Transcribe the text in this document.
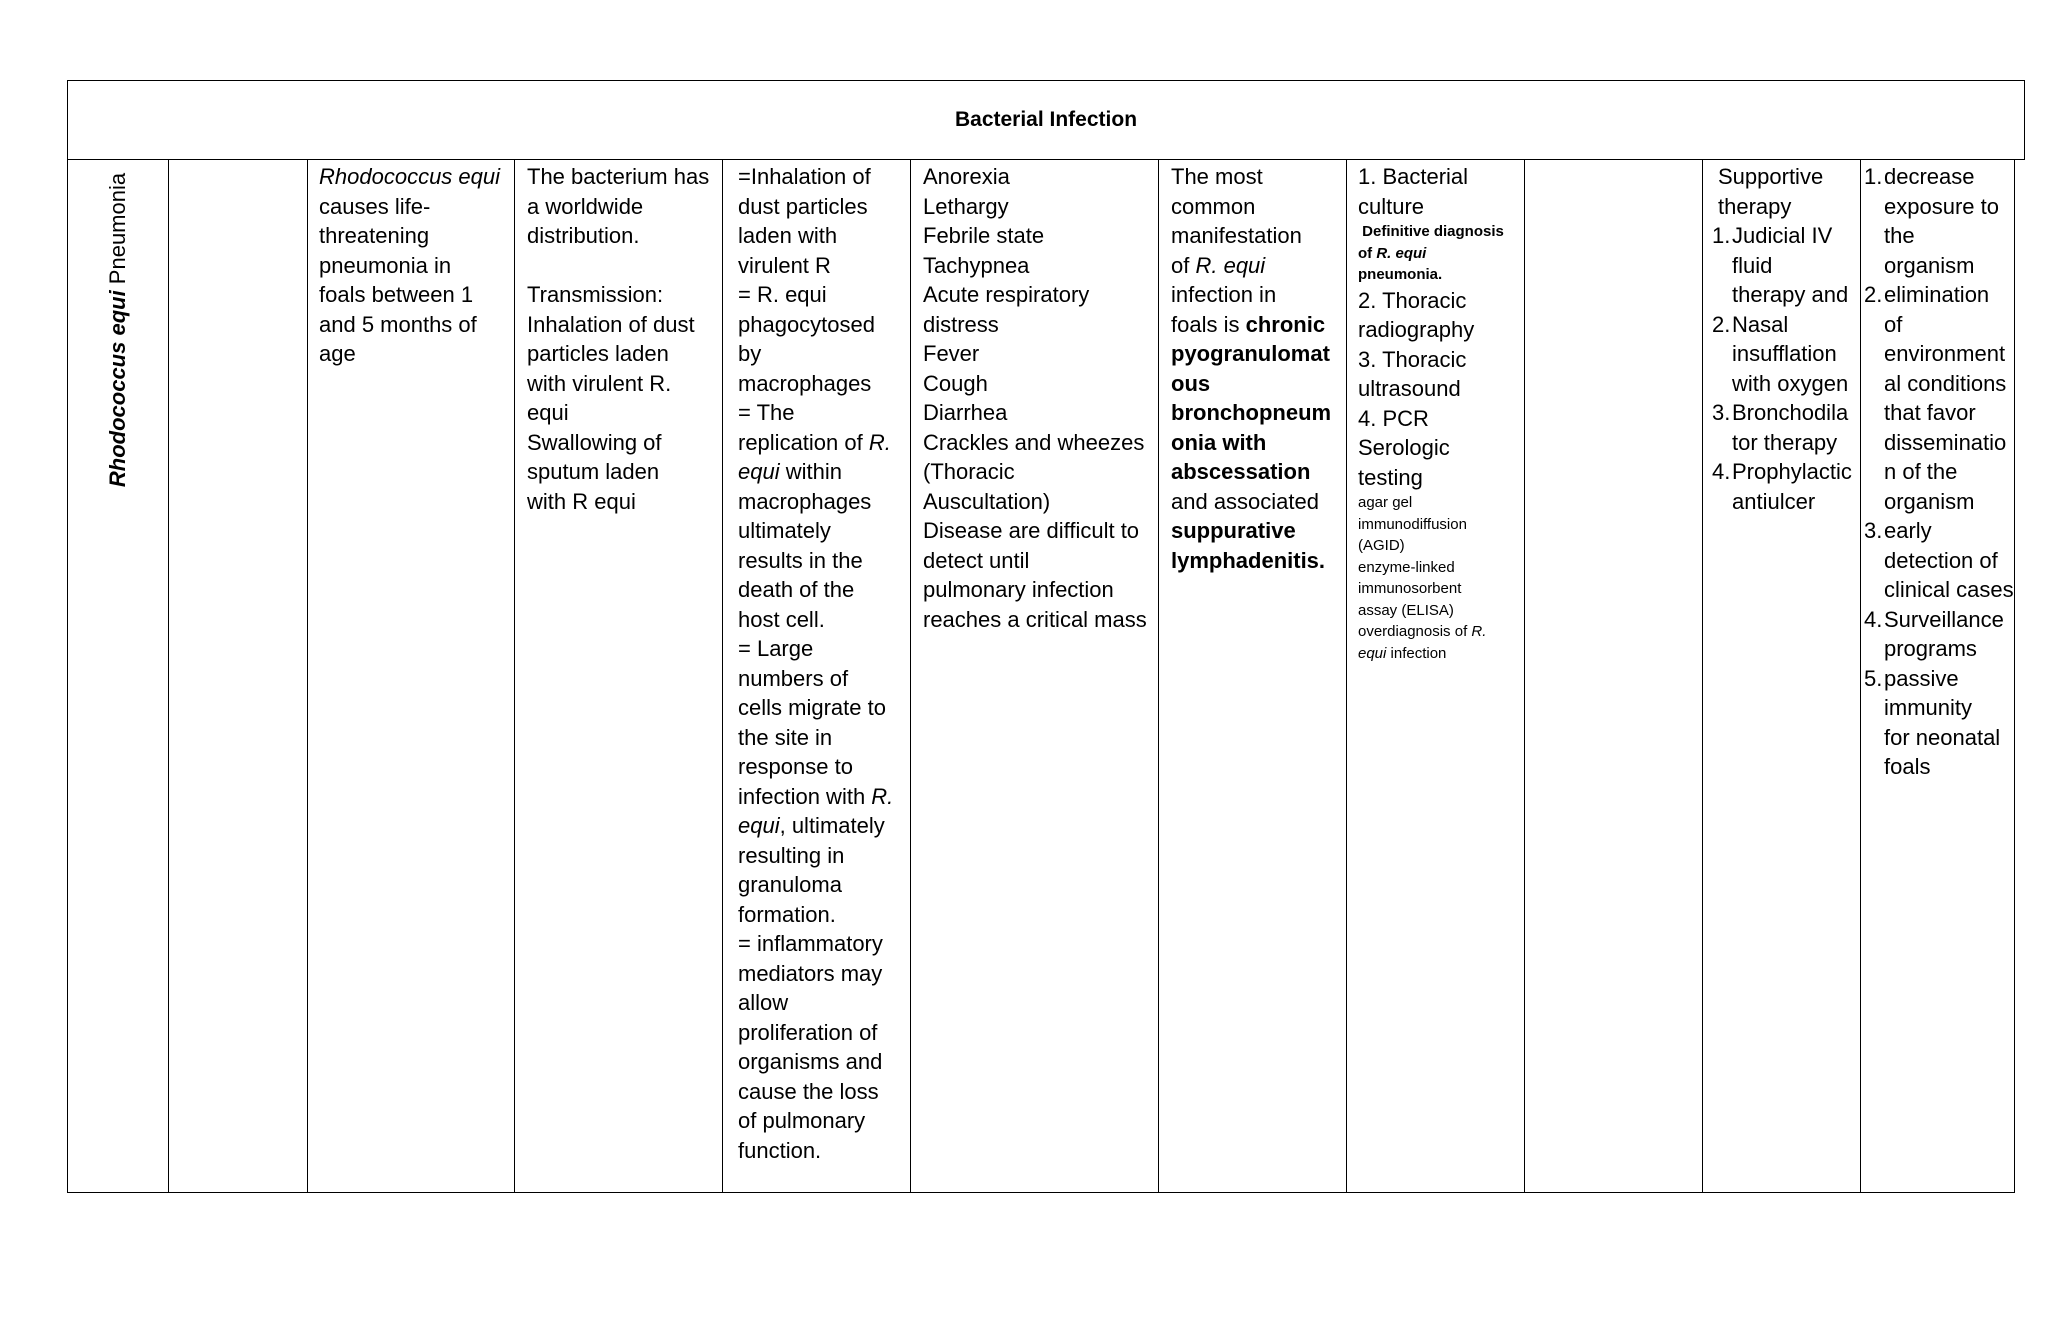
Bacterial Infection
Rhodococcus equi Pneumonia	Rhodococcus equi

causes life-

threatening

pneumonia in

foals between 1

and 5 months of

age

The bacterium has

a worldwide

distribution.

Transmission:

Inhalation of dust

particles laden

with virulent R.

equi

Swallowing of

sputum laden

with R equi

=Inhalation of

dust particles

laden with

virulent R

= R. equi

phagocytosed

by

macrophages

= The

replication of R.

equi within

macrophages

ultimately

results in the

death of the

host cell.

= Large

numbers of

cells migrate to

the site in

response to

infection with R.

equi, ultimately

resulting in

granuloma

formation.

= inflammatory

mediators may

allow

proliferation of

organisms and

cause the loss

of pulmonary

function.

Anorexia

Lethargy

Febrile state

Tachypnea

Acute respiratory

distress

Fever

Cough

Diarrhea

Crackles and wheezes

(Thoracic

Auscultation)

Disease are difficult to

detect until

pulmonary infection

reaches a critical mass

The most

common

manifestation

of R. equi

infection in

foals is chronic

pyogranulomat

ous

bronchopneum

onia with

abscessation

and associated

suppurative

lymphadenitis.

1. Bacterial

culture

Definitive diagnosis

of R. equi

pneumonia.

2. Thoracic

radiography

3. Thoracic

ultrasound

4. PCR

Serologic

testing

agar gel

immunodiffusion

(AGID)

enzyme-linked

immunosorbent

assay (ELISA)

overdiagnosis of R.

equi infection

Supportive

therapy

1. Judicial IV

fluid

therapy and

2. Nasal

insufflation

with oxygen

3. Bronchodila

tor therapy

4. Prophylactic

antiulcer

1. decrease

exposure to

the

organism

2. elimination

of

environment

al conditions

that favor

disseminatio

n of the

organism

3. early

detection of

clinical cases

4. Surveillance

programs

5. passive

immunity

for neonatal

foals
